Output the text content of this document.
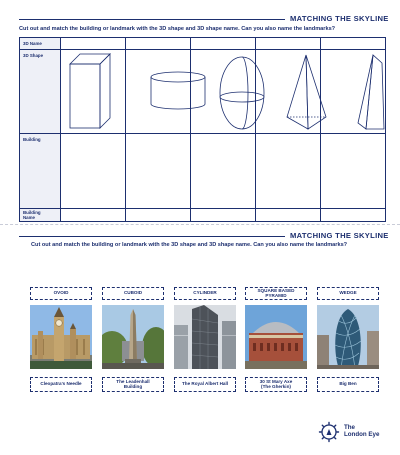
MATCHING THE SKYLINE
Cut out and match the building or landmark with the 3D shape and 3D shape name. Can you also name the landmarks?
3D Name
3D Shape
Building
Building
Name
MATCHING THE SKYLINE
Cut out and match the building or landmark with the 3D shape and 3D shape name. Can you also name the landmarks?
OVOID	CUBOID	CYLINDER	SQUARE BASED
PYRAMID	WEDGE
Cleopatra's Needle	The Leadenhall
Building	The Royal Albert Hall	30 St Mary Axe
(The Gherkin)	Big Ben
The
London Eye
